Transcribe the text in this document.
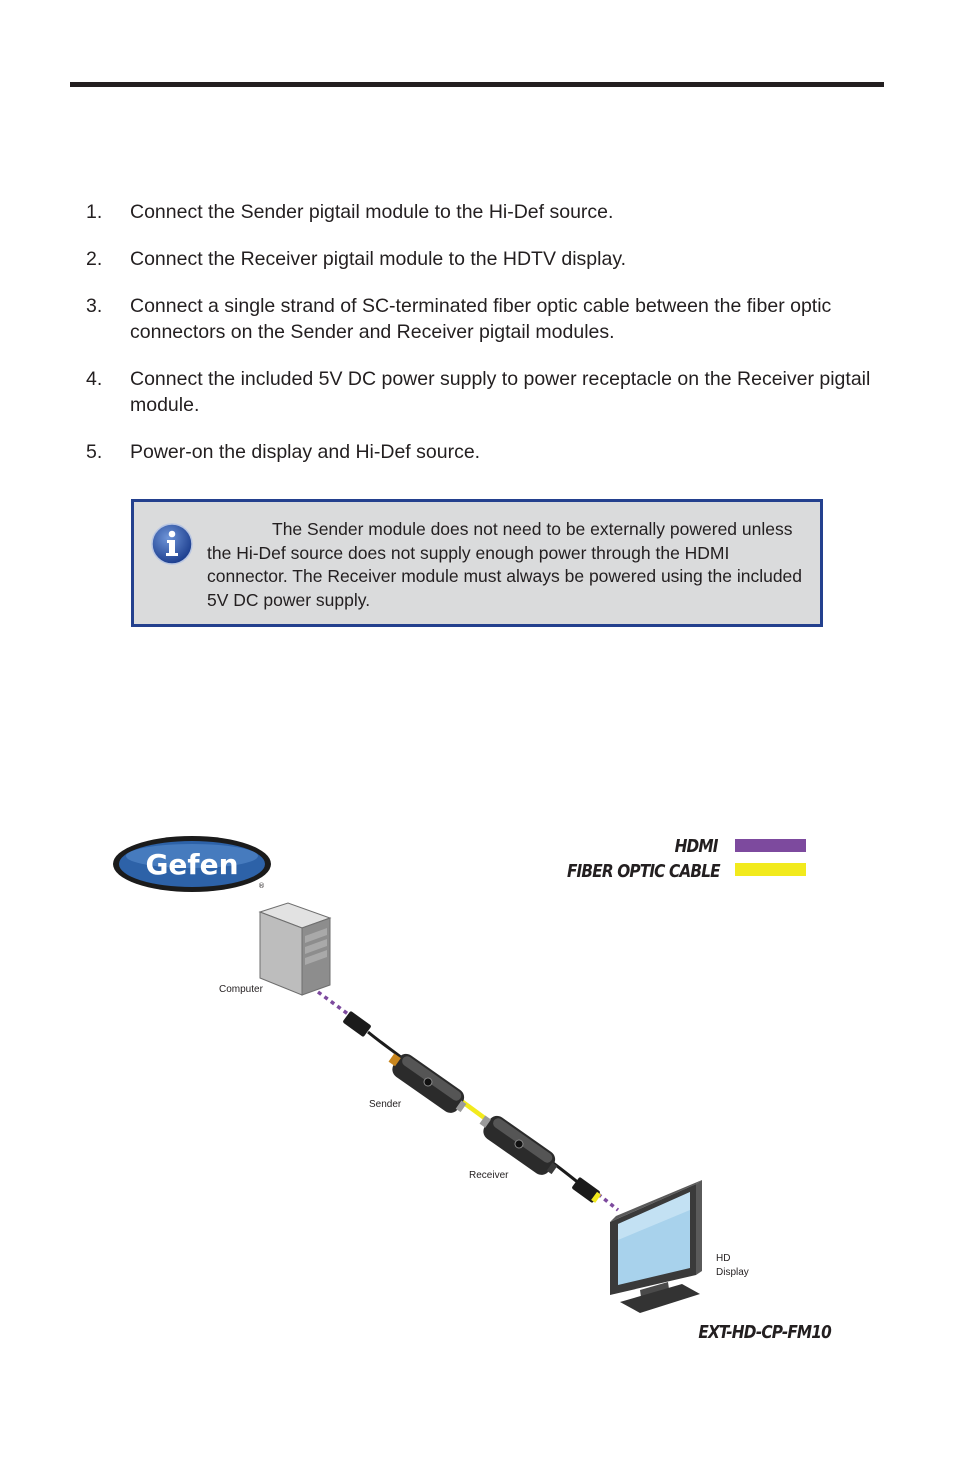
1. Connect the Sender pigtail module to the Hi-Def source.
2. Connect the Receiver pigtail module to the HDTV display.
3. Connect a single strand of SC-terminated fiber optic cable between the fiber optic connectors on the Sender and Receiver pigtail modules.
4. Connect the included 5V DC power supply to power receptacle on the Receiver pigtail module.
5. Power-on the display and Hi-Def source.
The Sender module does not need to be externally powered unless the Hi-Def source does not supply enough power through the HDMI connector. The Receiver module must always be powered using the included 5V DC power supply.
Gefen
®
Computer
Sender
Receiver
HD
Display
HDMI
FIBER OPTIC CABLE
EXT-HD-CP-FM10
